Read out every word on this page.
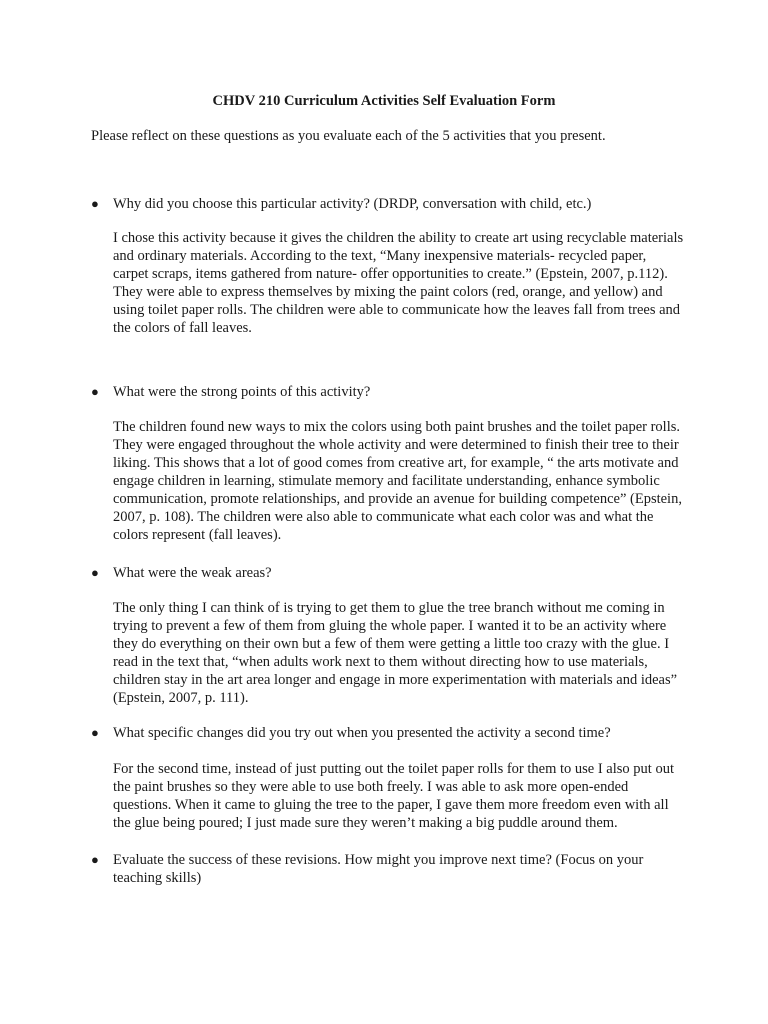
CHDV 210 Curriculum Activities Self Evaluation Form

Please reflect on these questions as you evaluate each of the 5 activities that you present.

● Why did you choose this particular activity? (DRDP, conversation with child, etc.)

I chose this activity because it gives the children the ability to create art using recyclable materials and ordinary materials. According to the text, “Many inexpensive materials- recycled paper, carpet scraps, items gathered from nature- offer opportunities to create.” (Epstein, 2007, p.112). They were able to express themselves by mixing the paint colors (red, orange, and yellow) and using toilet paper rolls. The children were able to communicate how the leaves fall from trees and the colors of fall leaves.

● What were the strong points of this activity?

The children found new ways to mix the colors using both paint brushes and the toilet paper rolls. They were engaged throughout the whole activity and were determined to finish their tree to their liking. This shows that a lot of good comes from creative art, for example, “ the arts motivate and engage children in learning, stimulate memory and facilitate understanding, enhance symbolic communication, promote relationships, and provide an avenue for building competence” (Epstein, 2007, p. 108). The children were also able to communicate what each color was and what the colors represent (fall leaves).

● What were the weak areas?

The only thing I can think of is trying to get them to glue the tree branch without me coming in trying to prevent a few of them from gluing the whole paper. I wanted it to be an activity where they do everything on their own but a few of them were getting a little too crazy with the glue. I read in the text that, “when adults work next to them without directing how to use materials, children stay in the art area longer and engage in more experimentation with materials and ideas” (Epstein, 2007, p. 111).

● What specific changes did you try out when you presented the activity a second time?

For the second time, instead of just putting out the toilet paper rolls for them to use I also put out the paint brushes so they were able to use both freely. I was able to ask more open-ended questions. When it came to gluing the tree to the paper, I gave them more freedom even with all the glue being poured; I just made sure they weren’t making a big puddle around them.

● Evaluate the success of these revisions. How might you improve next time? (Focus on your teaching skills)
